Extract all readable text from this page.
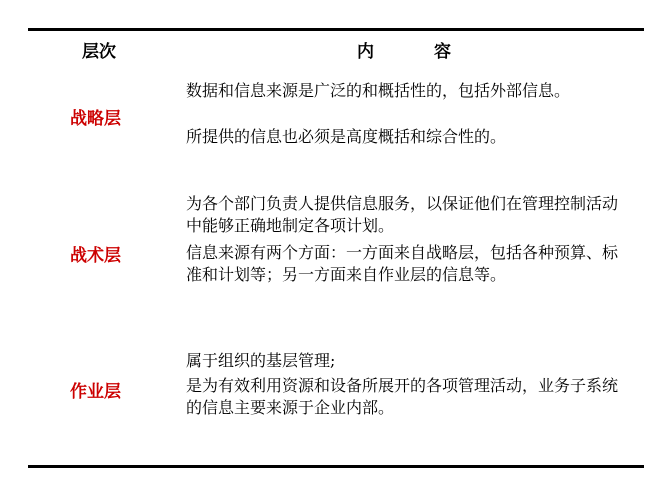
层次	内	容
战略层

数据和信息来源是广泛的和概括性的，包括外部信息。

所提供的信息也必须是高度概括和综合性的。

战术层

为各个部门负责人提供信息服务，以保证他们在管理控制活动中能够正确地制定各项计划。

信息来源有两个方面：一方面来自战略层，包括各种预算、标准和计划等；另一方面来自作业层的信息等。

作业层

属于组织的基层管理;

是为有效利用资源和设备所展开的各项管理活动，业务子系统的信息主要来源于企业内部。
